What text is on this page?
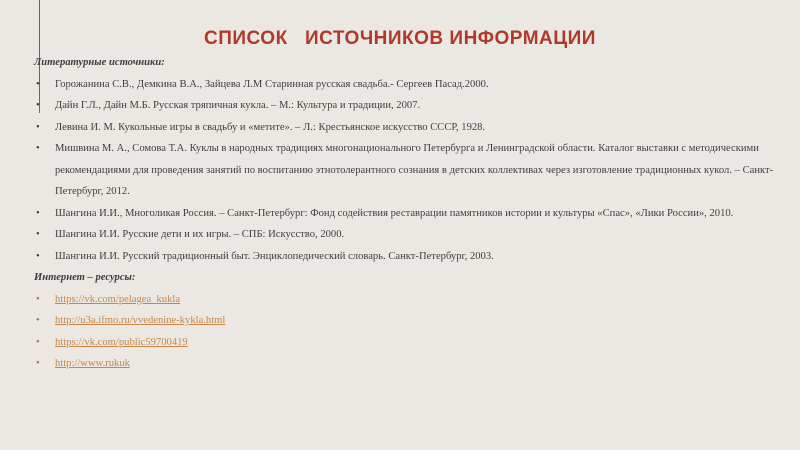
СПИСОК   ИСТОЧНИКОВ ИНФОРМАЦИИ
Литературные источники:
• Горожанина С.В., Демкина В.А., Зайцева Л.М Старинная русская свадьба.- Сергеев Пасад.2000.
• Дайн Г.Л., Дайн М.Б. Русская тряпичная кукла. – М.: Культура и традиции, 2007.
• Левина И. М. Кукольные игры в свадьбу и «метите». – Л.: Крестьянское искусство СССР, 1928.
• Мишвина М. А., Сомова Т.А. Куклы в народных традициях многонационального Петербурга и Ленинградской области. Каталог выставки с методическими рекомендациями для проведения занятий по воспитанию этнотолерантного сознания в детских коллективах через изготовление традиционных кукол. – Санкт-Петербург, 2012.
• Шангина И.И., Многоликая Россия. – Санкт-Петербург: Фонд содействия реставрации памятников истории и культуры «Спас», «Лики России», 2010.
• Шангина И.И. Русские дети и их игры. – СПБ: Искусство, 2000.
• Шангина И.И. Русский традиционный быт. Энциклопедический словарь. Санкт-Петербург, 2003.
Интернет – ресурсы:
• https://vk.com/pelagea_kukla
• http://u3a.ifmo.ru/vvedenine-kykla.html
• https://vk.com/public59700419
• http://www.rukuk
